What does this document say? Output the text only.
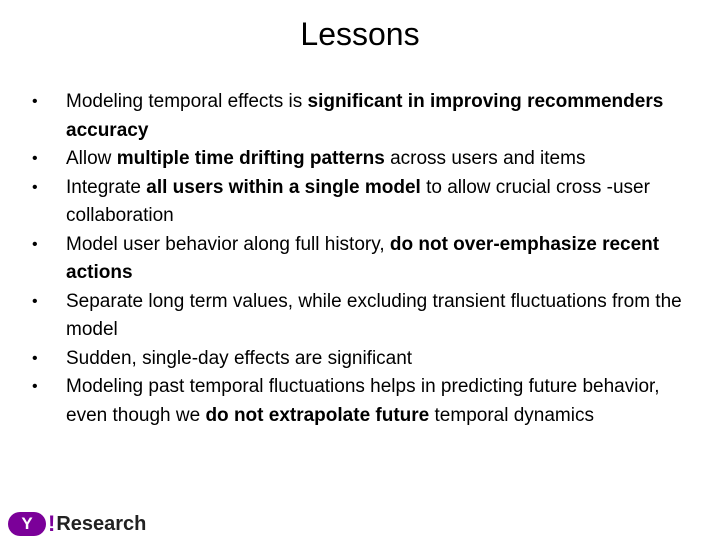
Lessons
• Modeling temporal effects is significant in improving recommenders accuracy
• Allow multiple time drifting patterns across users and items
• Integrate all users within a single model to allow crucial cross -user collaboration
• Model user behavior along full history, do not over-emphasize recent actions
• Separate long term values, while excluding transient fluctuations from the model
• Sudden, single-day effects are significant
• Modeling past temporal fluctuations helps in predicting future behavior, even though we do not extrapolate future temporal dynamics
Y ! Research
